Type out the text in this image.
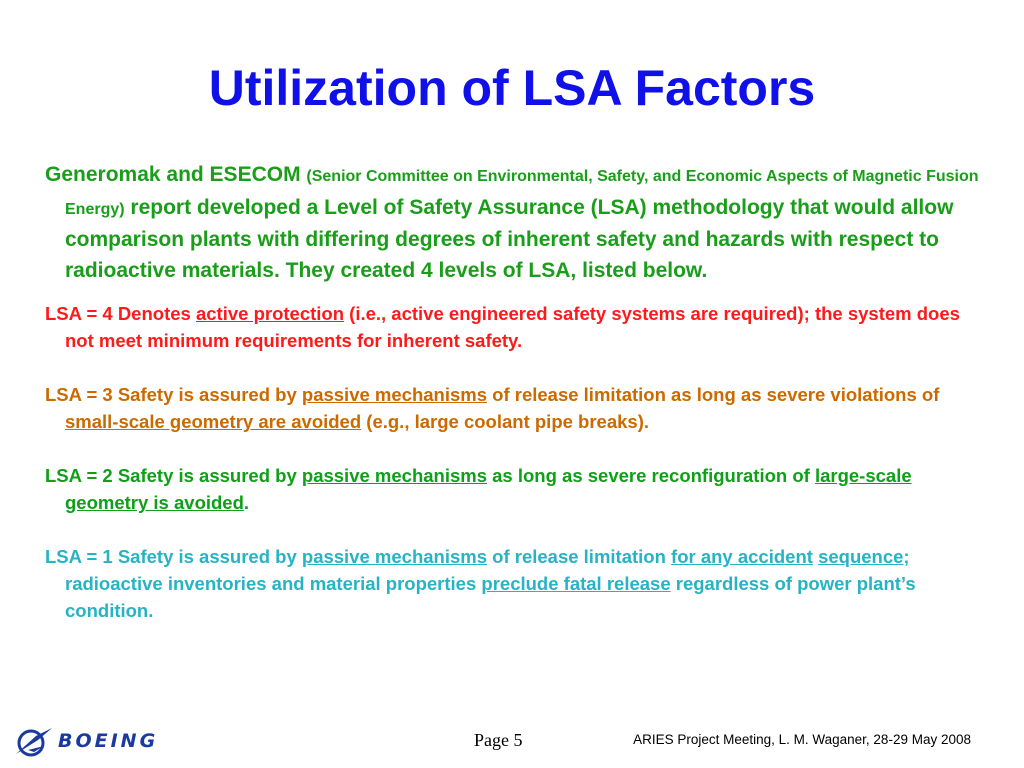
Utilization of LSA Factors

Generomak and ESECOM (Senior Committee on Environmental, Safety, and Economic Aspects of Magnetic Fusion Energy) report developed a Level of Safety Assurance (LSA) methodology that would allow comparison plants with differing degrees of inherent safety and hazards with respect to radioactive materials. They created 4 levels of LSA, listed below.

LSA = 4 Denotes active protection (i.e., active engineered safety systems are required); the system does not meet minimum requirements for inherent safety.

LSA = 3 Safety is assured by passive mechanisms of release limitation as long as severe violations of small-scale geometry are avoided (e.g., large coolant pipe breaks).

LSA = 2 Safety is assured by passive mechanisms as long as severe reconfiguration of large-scale geometry is avoided.

LSA = 1 Safety is assured by passive mechanisms of release limitation for any accident sequence; radioactive inventories and material properties preclude fatal release regardless of power plant’s condition.

BOEING	Page 5	ARIES Project Meeting, L. M. Waganer, 28-29 May 2008
